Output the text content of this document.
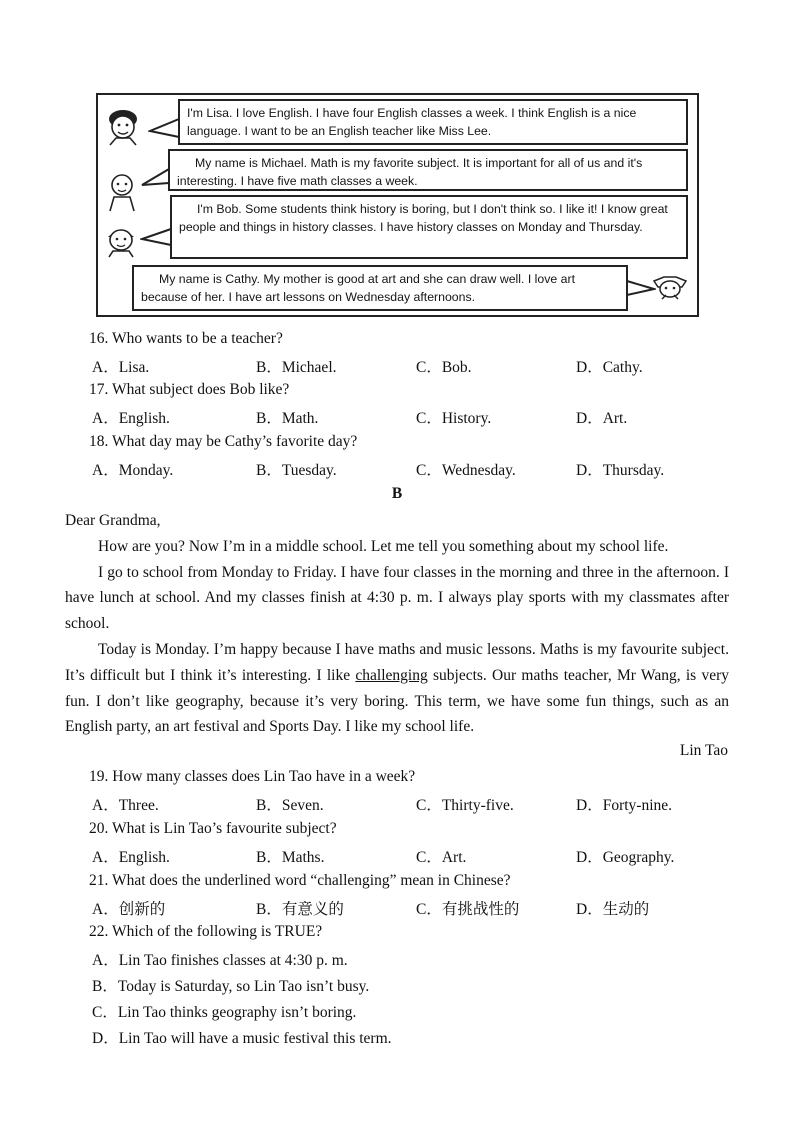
I'm Lisa. I love English. I have four English classes a week. I think English is a nice language. I want to be an English teacher like Miss Lee.

My name is Michael. Math is my favorite subject. It is important for all of us and it's interesting. I have five math classes a week.

I'm Bob. Some students think history is boring, but I don't think so. I like it! I know great people and things in history classes. I have history classes on Monday and Thursday.

My name is Cathy. My mother is good at art and she can draw well. I love art because of her. I have art lessons on Wednesday afternoons.

16. Who wants to be a teacher?
A．Lisa.	B．Michael.	C．Bob.	D．Cathy.
17. What subject does Bob like?
A．English.	B．Math.	C．History.	D．Art.
18. What day may be Cathy’s favorite day?
A．Monday.	B．Tuesday.	C．Wednesday.	D．Thursday.
B

Dear Grandma,

How are you? Now I’m in a middle school. Let me tell you something about my school life.

I go to school from Monday to Friday. I have four classes in the morning and three in the afternoon. I have lunch at school. And my classes finish at 4:30 p. m. I always play sports with my classmates after school.

Today is Monday. I’m happy because I have maths and music lessons. Maths is my favourite subject. It’s difficult but I think it’s interesting. I like challenging subjects. Our maths teacher, Mr Wang, is very fun. I don’t like geography, because it’s very boring. This term, we have some fun things, such as an English party, an art festival and Sports Day. I like my school life.

Lin Tao
19. How many classes does Lin Tao have in a week?
A．Three.	B．Seven.	C．Thirty-five.	D．Forty-nine.
20. What is Lin Tao’s favourite subject?
A．English.	B．Maths.	C．Art.	D．Geography.
21. What does the underlined word “challenging” mean in Chinese?
A．创新的	B．有意义的	C．有挑战性的	D．生动的
22. Which of the following is TRUE?
A．Lin Tao finishes classes at 4:30 p. m.
B．Today is Saturday, so Lin Tao isn’t busy.
C．Lin Tao thinks geography isn’t boring.
D．Lin Tao will have a music festival this term.
